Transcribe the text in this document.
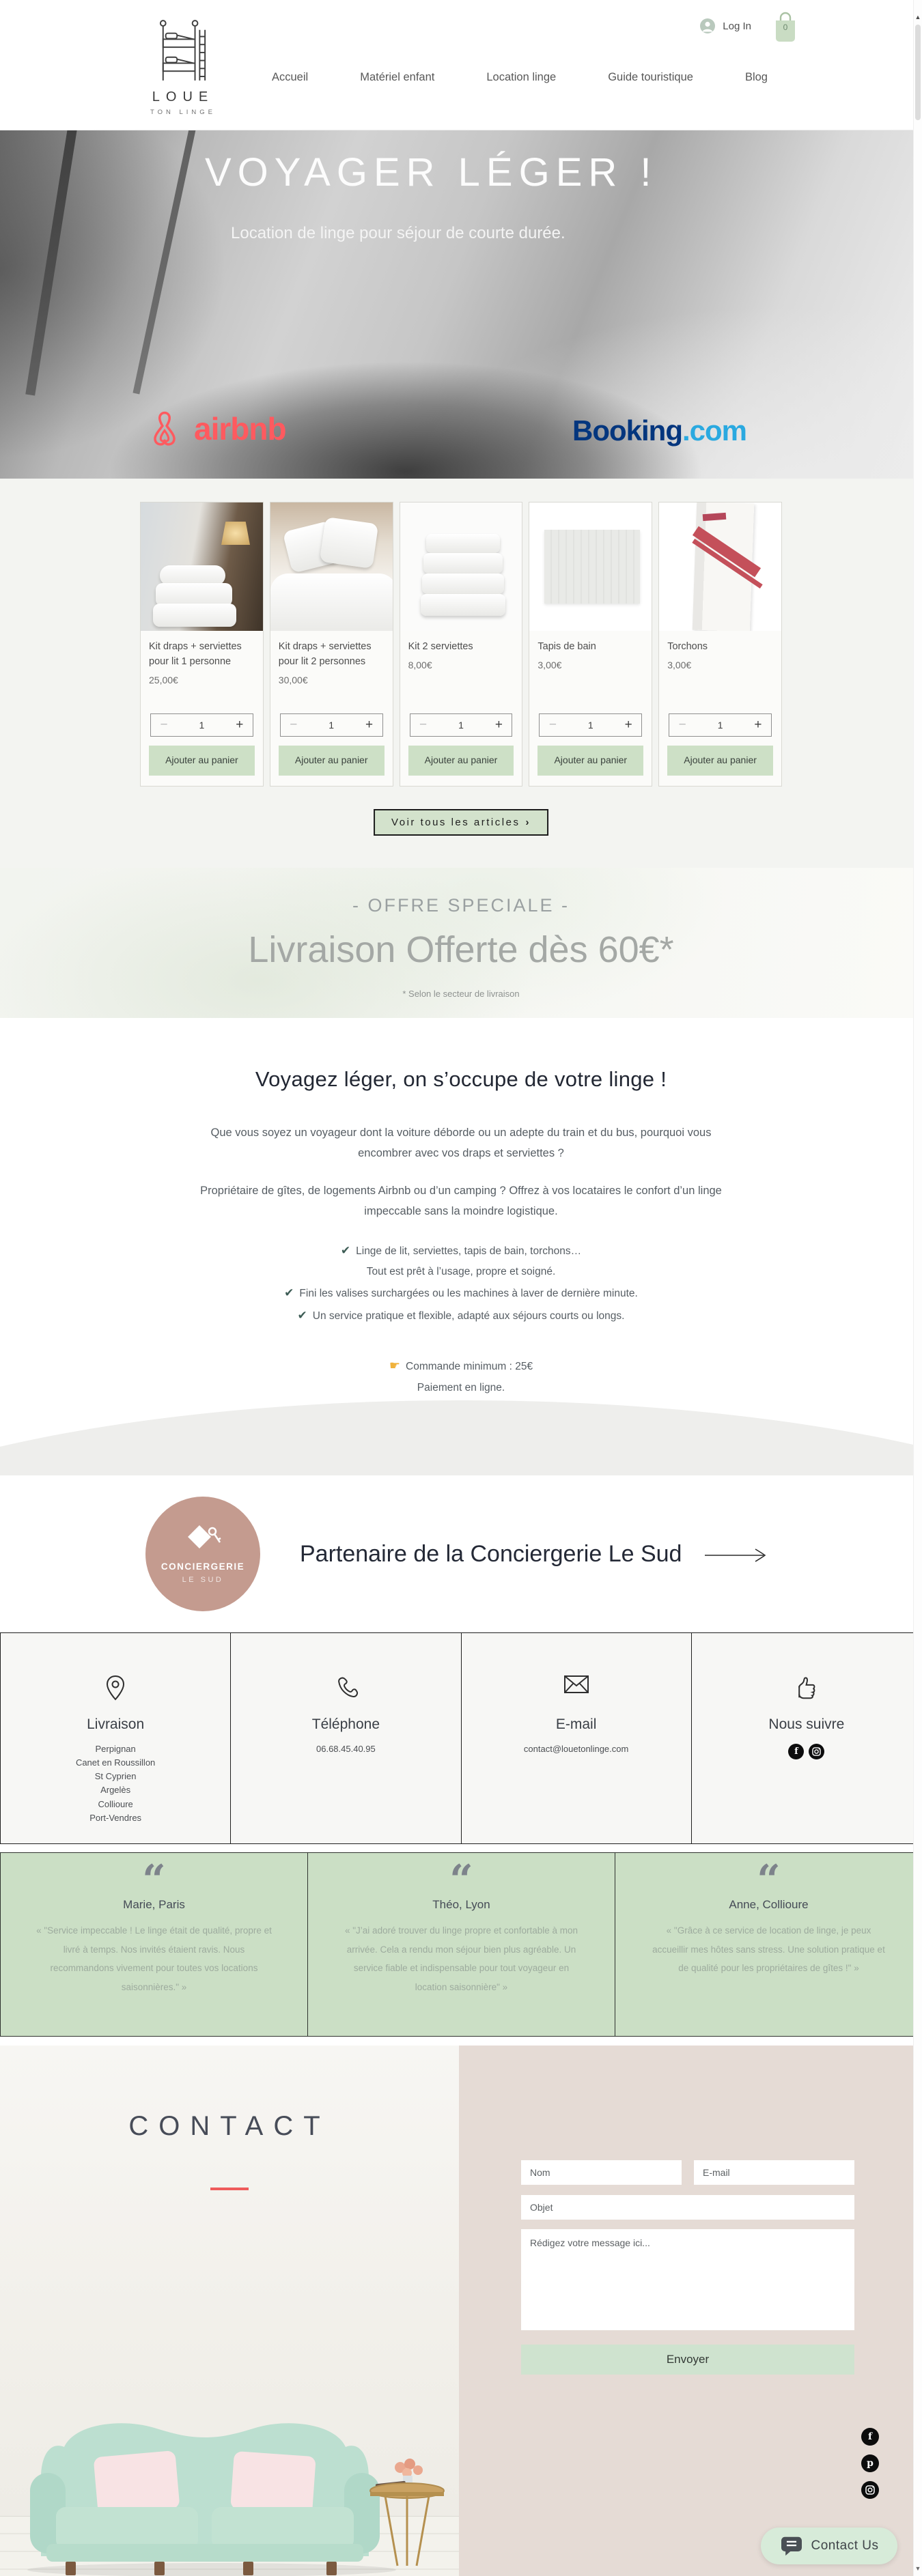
LOUE
TON LINGE
Accueil	Matériel enfant	Location linge	Guide touristique	Blog
Log In	0
VOYAGER LÉGER !
Location de linge pour séjour de courte durée.
airbnb	Booking.com
Kit draps + serviettes pour lit 1 personne
25,00€
−
1	+
Ajouter au panier
Kit draps + serviettes pour lit 2 personnes
30,00€
−
1	+
Ajouter au panier
Kit 2 serviettes
8,00€
−
1	+
Ajouter au panier
Tapis de bain
3,00€
−
1	+
Ajouter au panier
Torchons
3,00€
−
1	+
Ajouter au panier
Voir tous les articles ›
- OFFRE SPECIALE -
Livraison Offerte dès 60€*
* Selon le secteur de livraison
Voyagez léger, on s’occupe de votre linge !

Que vous soyez un voyageur dont la voiture déborde ou un adepte du train et du bus, pourquoi vous encombrer avec vos draps et serviettes ?

Propriétaire de gîtes, de logements Airbnb ou d’un camping ? Offrez à vos locataires le confort d’un linge impeccable sans la moindre logistique.

✔ Linge de lit, serviettes, tapis de bain, torchons…
Tout est prêt à l’usage, propre et soigné.
✔ Fini les valises surchargées ou les machines à laver de dernière minute.
✔ Un service pratique et flexible, adapté aux séjours courts ou longs.
☛ Commande minimum : 25€
Paiement en ligne.
CONCIERGERIE
LE SUD
Partenaire de la Conciergerie Le Sud
Livraison
Perpignan
Canet en Roussillon
St Cyprien
Argelès
Collioure
Port-Vendres
Téléphone
06.68.45.40.95
E-mail
contact@louetonlinge.com
Nous suivre
f
“
Marie, Paris
« "Service impeccable ! Le linge était de qualité, propre et livré à temps. Nos invités étaient ravis. Nous recommandons vivement pour toutes vos locations saisonnières." »
“
Théo, Lyon
« "J’ai adoré trouver du linge propre et confortable à mon arrivée. Cela a rendu mon séjour bien plus agréable. Un service fiable et indispensable pour tout voyageur en location saisonnière" »
“
Anne, Collioure
« "Grâce à ce service de location de linge, je peux accueillir mes hôtes sans stress. Une solution pratique et de qualité pour les propriétaires de gîtes !" »
CONTACT
Nom
E-mail
Objet Rédigez votre message ici... Envoyer
f
p
Contact Us
▲
▼
